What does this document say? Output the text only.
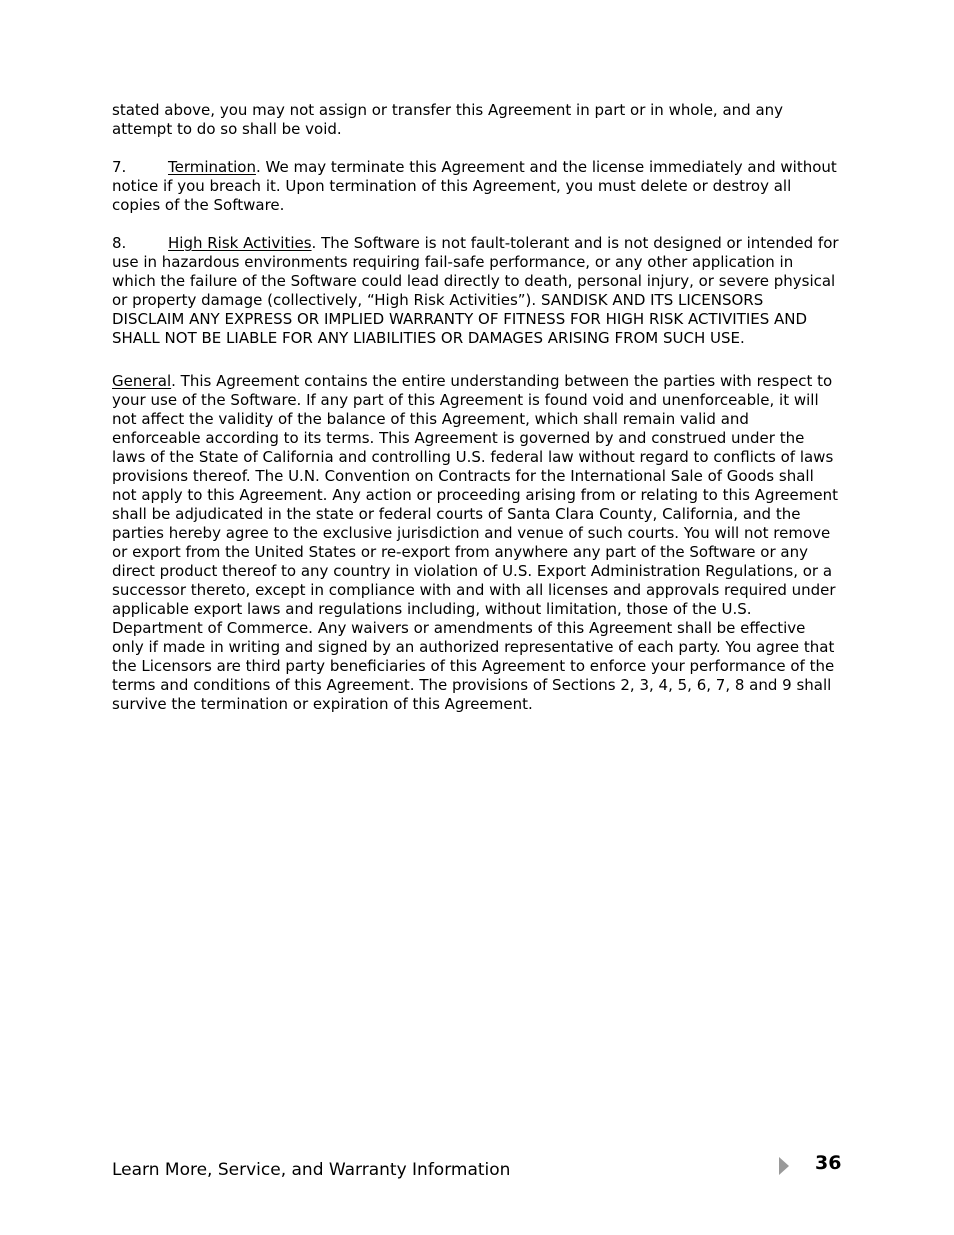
stated above, you may not assign or transfer this Agreement in part or in whole, and any attempt to do so shall be void.

7.	Termination. We may terminate this Agreement and the license immediately and without notice if you breach it. Upon termination of this Agreement, you must delete or destroy all copies of the Software.

8.	High Risk Activities. The Software is not fault-tolerant and is not designed or intended for use in hazardous environments requiring fail-safe performance, or any other application in which the failure of the Software could lead directly to death, personal injury, or severe physical or property damage (collectively, “High Risk Activities”). SANDISK AND ITS LICENSORS DISCLAIM ANY EXPRESS OR IMPLIED WARRANTY OF FITNESS FOR HIGH RISK ACTIVITIES AND SHALL NOT BE LIABLE FOR ANY LIABILITIES OR DAMAGES ARISING FROM SUCH USE.

General. This Agreement contains the entire understanding between the parties with respect to your use of the Software. If any part of this Agreement is found void and unenforceable, it will not affect the validity of the balance of this Agreement, which shall remain valid and enforceable according to its terms. This Agreement is governed by and construed under the laws of the State of California and controlling U.S. federal law without regard to conflicts of laws provisions thereof. The U.N. Convention on Contracts for the International Sale of Goods shall not apply to this Agreement. Any action or proceeding arising from or relating to this Agreement shall be adjudicated in the state or federal courts of Santa Clara County, California, and the parties hereby agree to the exclusive jurisdiction and venue of such courts. You will not remove or export from the United States or re-export from anywhere any part of the Software or any direct product thereof to any country in violation of U.S. Export Administration Regulations, or a successor thereto, except in compliance with and with all licenses and approvals required under applicable export laws and regulations including, without limitation, those of the U.S. Department of Commerce. Any waivers or amendments of this Agreement shall be effective only if made in writing and signed by an authorized representative of each party. You agree that the Licensors are third party beneficiaries of this Agreement to enforce your performance of the terms and conditions of this Agreement. The provisions of Sections 2, 3, 4, 5, 6, 7, 8 and 9 shall survive the termination or expiration of this Agreement.

Learn More, Service, and Warranty Information	36
